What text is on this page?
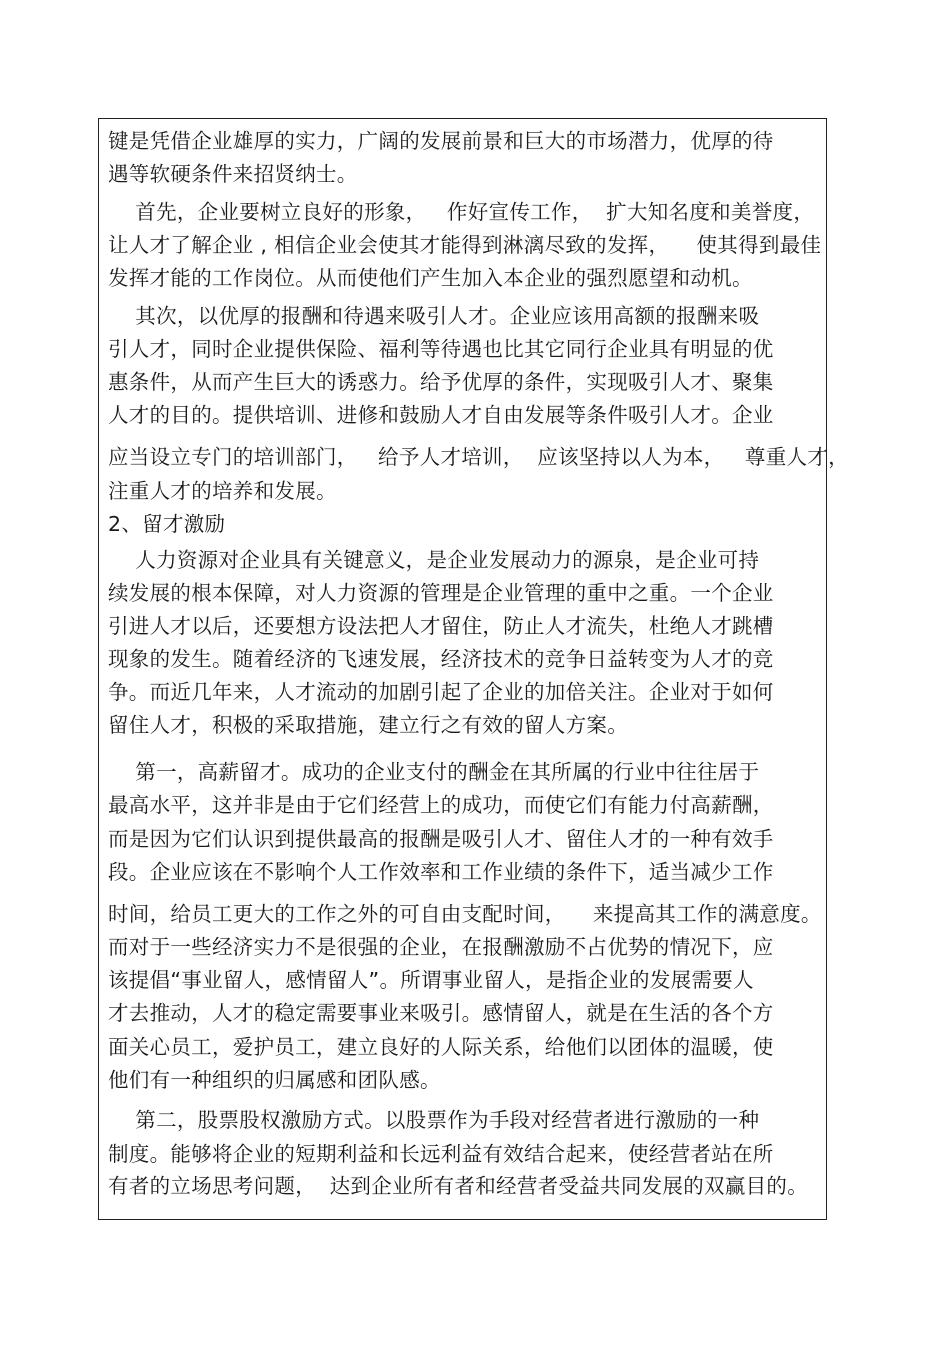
键是凭借企业雄厚的实力，广阔的发展前景和巨大的市场潜力，优厚的待
遇等软硬条件来招贤纳士。
首先，企业要树立良好的形象，   作好宣传工作，  扩大知名度和美誉度，
让人才了解企业 , 相信企业会使其才能得到淋漓尽致的发挥，    使其得到最佳
发挥才能的工作岗位。从而使他们产生加入本企业的强烈愿望和动机。
其次，以优厚的报酬和待遇来吸引人才。企业应该用高额的报酬来吸
引人才，同时企业提供保险、福利等待遇也比其它同行企业具有明显的优
惠条件，从而产生巨大的诱惑力。给予优厚的条件，实现吸引人才、聚集
人才的目的。提供培训、进修和鼓励人才自由发展等条件吸引人才。企业
应当设立专门的培训部门，   给予人才培训，  应该坚持以人为本，   尊重人才，
注重人才的培养和发展。
2、留才激励
人力资源对企业具有关键意义，是企业发展动力的源泉，是企业可持
续发展的根本保障，对人力资源的管理是企业管理的重中之重。一个企业
引进人才以后，还要想方设法把人才留住，防止人才流失，杜绝人才跳槽
现象的发生。随着经济的飞速发展，经济技术的竞争日益转变为人才的竞
争。而近几年来，人才流动的加剧引起了企业的加倍关注。企业对于如何
留住人才，积极的采取措施，建立行之有效的留人方案。
第一，高薪留才。成功的企业支付的酬金在其所属的行业中往往居于
最高水平，这并非是由于它们经营上的成功，而使它们有能力付高薪酬，
而是因为它们认识到提供最高的报酬是吸引人才、留住人才的一种有效手
段。企业应该在不影响个人工作效率和工作业绩的条件下，适当减少工作
时间，给员工更大的工作之外的可自由支配时间，    来提高其工作的满意度。
而对于一些经济实力不是很强的企业，在报酬激励不占优势的情况下，应
该提倡“事业留人，感情留人”。所谓事业留人，是指企业的发展需要人
才去推动，人才的稳定需要事业来吸引。感情留人，就是在生活的各个方
面关心员工，爱护员工，建立良好的人际关系，给他们以团体的温暖，使
他们有一种组织的归属感和团队感。
第二，股票股权激励方式。以股票作为手段对经营者进行激励的一种
制度。能够将企业的短期利益和长远利益有效结合起来，使经营者站在所
有者的立场思考问题，  达到企业所有者和经营者受益共同发展的双赢目的。
